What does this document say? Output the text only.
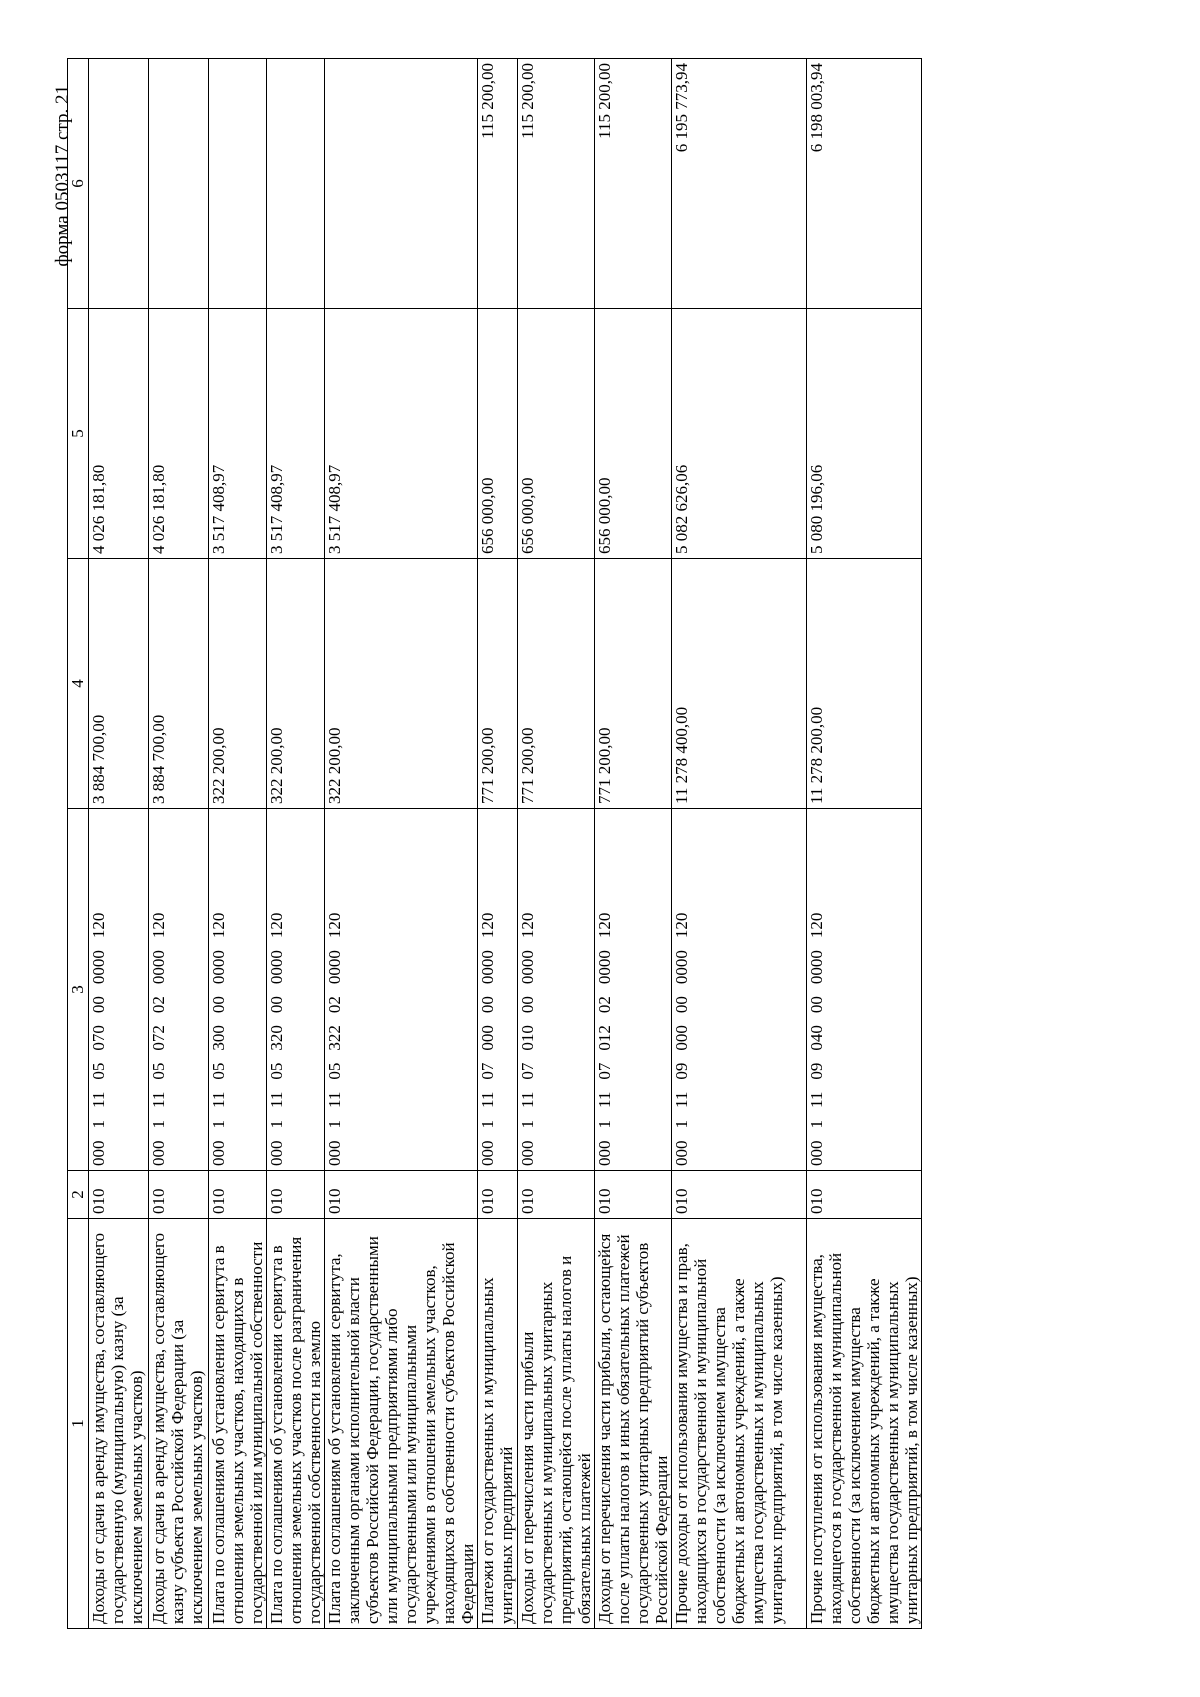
форма 0503117 стр. 21
1	2	3	4	5	6
Доходы от сдачи в аренду имущества, составляющего государственную (муниципальную) казну (за исключением земельных участков)	010	00011105070000000120	3 884 700,00	4 026 181,80	
Доходы от сдачи в аренду имущества, составляющего казну субъекта Российской Федерации (за исключением земельных участков)	010	00011105072020000120	3 884 700,00	4 026 181,80	
Плата по соглашениям об установлении сервитута в отношении земельных участков, находящихся в государственной или муниципальной собственности	010	00011105300000000120	322 200,00	3 517 408,97	
Плата по соглашениям об установлении сервитута в отношении земельных участков после разграничения государственной собственности на землю	010	00011105320000000120	322 200,00	3 517 408,97	
Плата по соглашениям об установлении сервитута, заключенным органами исполнительной власти субъектов Российской Федерации, государственными или муниципальными предприятиями либо государственными или муниципальными учреждениями в отношении земельных участков, находящихся в собственности субъектов Российской Федерации	010	00011105322020000120	322 200,00	3 517 408,97	
Платежи от государственных и муниципальных унитарных предприятий	010	00011107000000000120	771 200,00	656 000,00	115 200,00
Доходы от перечисления части прибыли государственных и муниципальных унитарных предприятий, остающейся после уплаты налогов и обязательных платежей	010	00011107010000000120	771 200,00	656 000,00	115 200,00
Доходы от перечисления части прибыли, остающейся после уплаты налогов и иных обязательных платежей государственных унитарных предприятий субъектов Российской Федерации	010	00011107012020000120	771 200,00	656 000,00	115 200,00
Прочие доходы от использования имущества и прав, находящихся в государственной и муниципальной собственности (за исключением имущества бюджетных и автономных учреждений, а также имущества государственных и муниципальных унитарных предприятий, в том числе казенных)	010	00011109000000000120	11 278 400,00	5 082 626,06	6 195 773,94
Прочие поступления от использования имущества, находящегося в государственной и муниципальной собственности (за исключением имущества бюджетных и автономных учреждений, а также имущества государственных и муниципальных унитарных предприятий, в том числе казенных)	010	00011109040000000120	11 278 200,00	5 080 196,06	6 198 003,94
